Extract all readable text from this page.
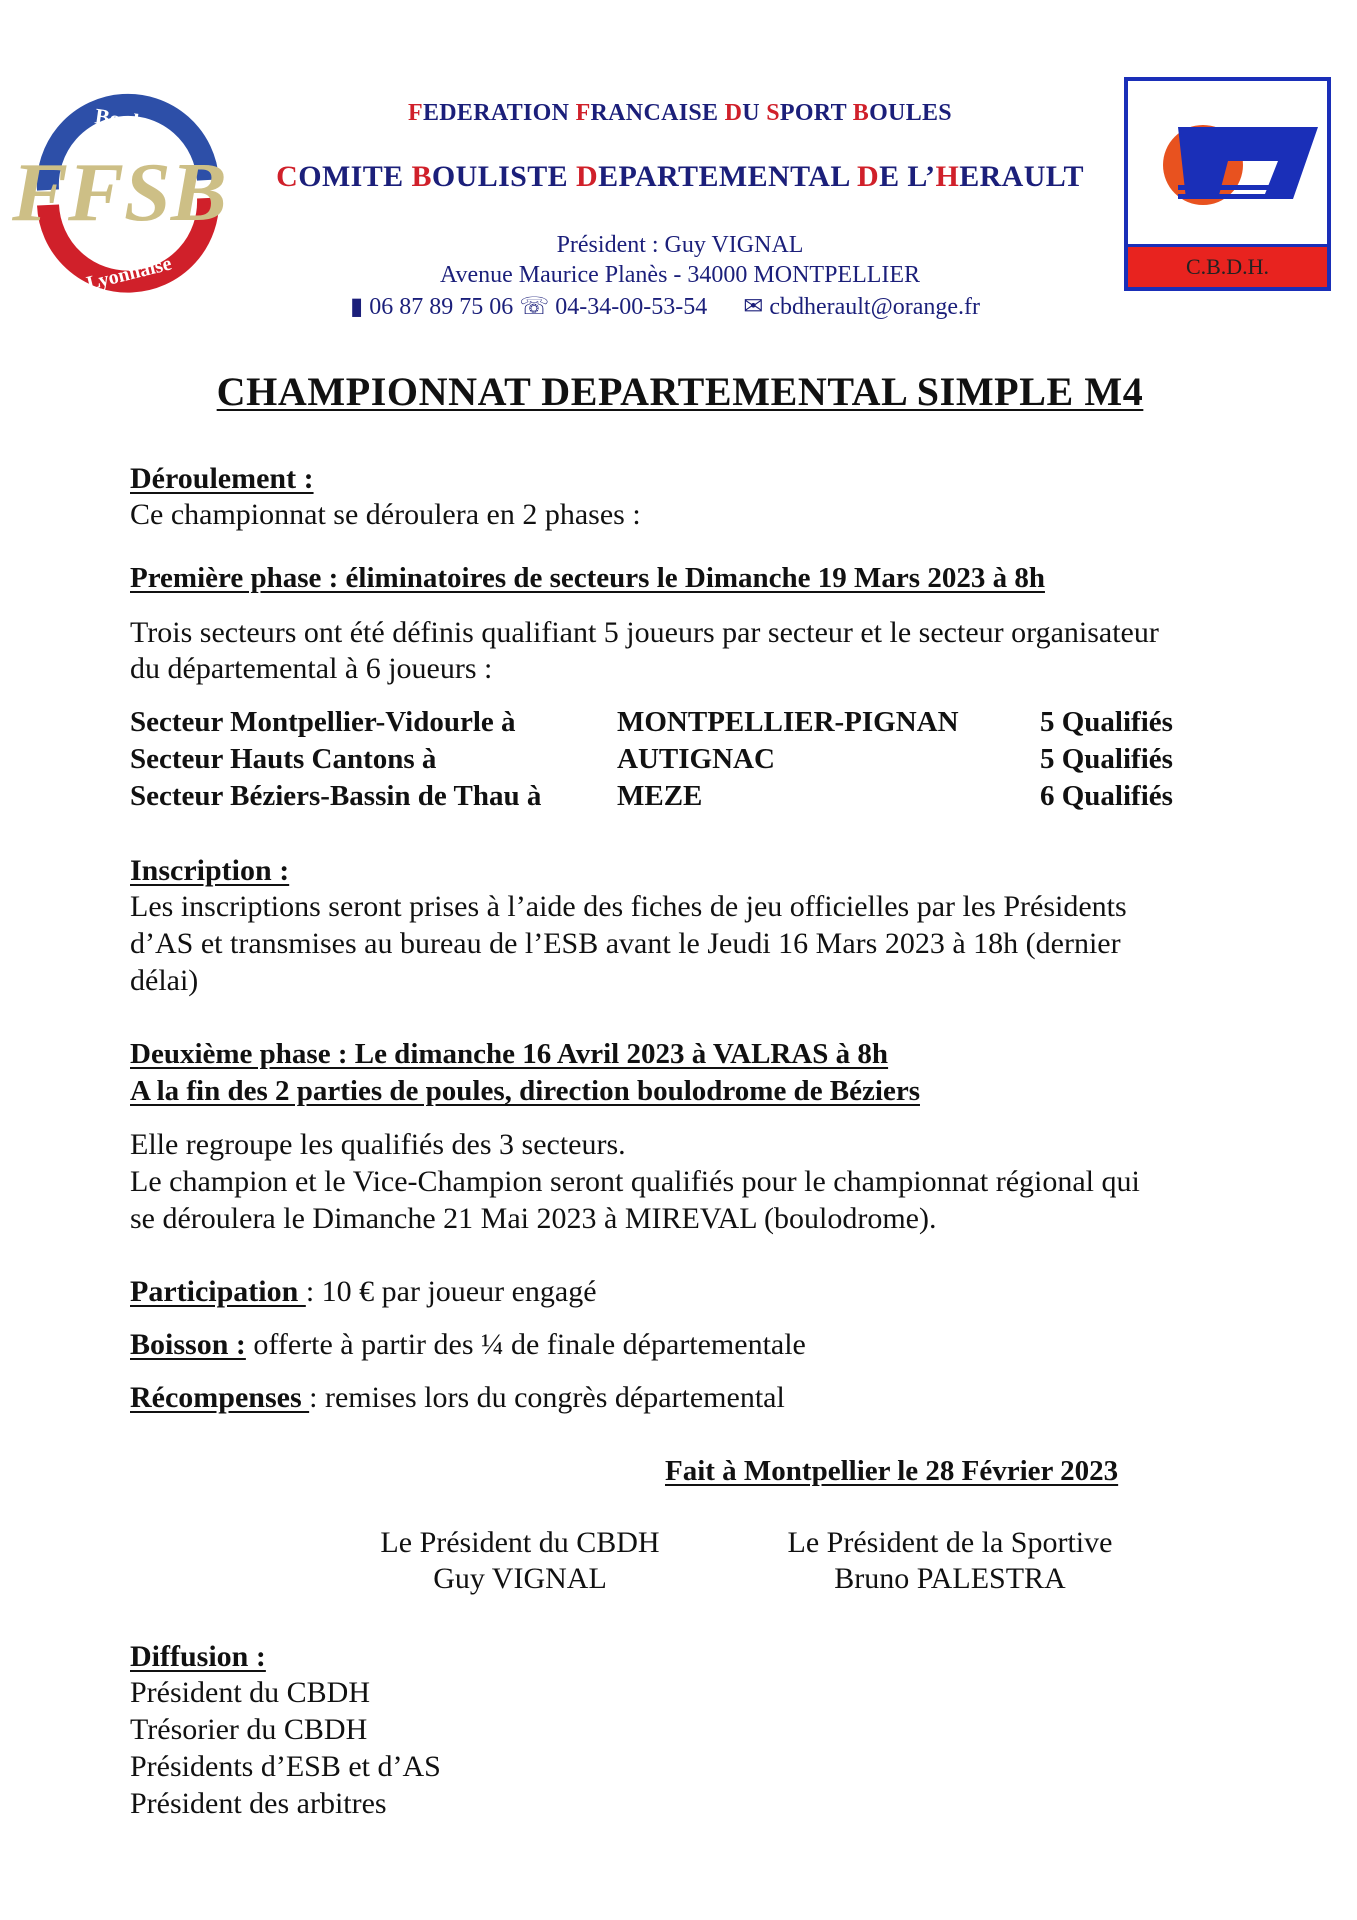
Boule
FFSB
Lyonnaise
FEDERATION FRANCAISE DU SPORT BOULES
COMITE BOULISTE DEPARTEMENTAL DE L’HERAULT
Président : Guy VIGNAL
Avenue Maurice Planès - 34000 MONTPELLIER
▮ 06 87 89 75 06 ☏ 04-34-00-53-54 ✉ cbdherault@orange.fr
C.B.D.H.
CHAMPIONNAT DEPARTEMENTAL SIMPLE M4
Déroulement :
Ce championnat se déroulera en 2 phases :
Première phase : éliminatoires de secteurs le Dimanche 19 Mars 2023 à 8h
Trois secteurs ont été définis qualifiant 5 joueurs par secteur et le secteur organisateur
du départemental à 6 joueurs :
Secteur Montpellier-Vidourle à	MONTPELLIER-PIGNAN	5 Qualifiés
Secteur Hauts Cantons à	AUTIGNAC	5 Qualifiés
Secteur Béziers-Bassin de Thau à	MEZE	6 Qualifiés
Inscription :
Les inscriptions seront prises à l’aide des fiches de jeu officielles par les Présidents
d’AS et transmises au bureau de l’ESB avant le Jeudi 16 Mars 2023 à 18h (dernier
délai)
Deuxième phase : Le dimanche 16 Avril 2023 à VALRAS à 8h
A la fin des 2 parties de poules, direction boulodrome de Béziers
Elle regroupe les qualifiés des 3 secteurs.
Le champion et le Vice-Champion seront qualifiés pour le championnat régional qui
se déroulera le Dimanche 21 Mai 2023 à MIREVAL (boulodrome).
Participation : 10 € par joueur engagé
Boisson : offerte à partir des ¼ de finale départementale
Récompenses : remises lors du congrès départemental
Fait à Montpellier le 28 Février 2023
Le Président du CBDH
Guy VIGNAL
Le Président de la Sportive
Bruno PALESTRA
Diffusion :
Président du CBDH
Trésorier du CBDH
Présidents d’ESB et d’AS
Président des arbitres
